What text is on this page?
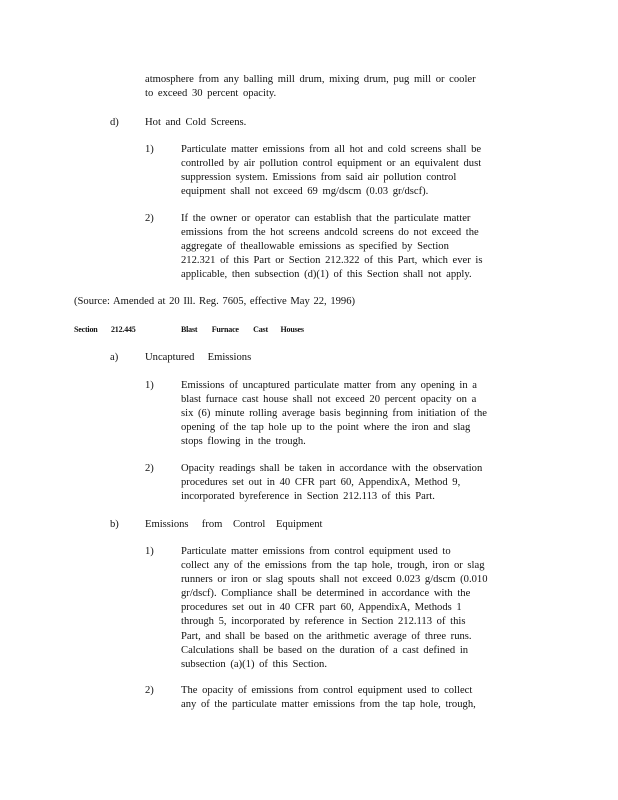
atmosphere from any balling mill drum, mixing drum, pug mill or cooler
to exceed 30 percent opacity.
d) Hot and Cold Screens.
1)	Particulate matter emissions from all hot and cold screens shall be
controlled by air pollution control equipment or an equivalent dust
suppression system. Emissions from said air pollution control
equipment shall not exceed 69 mg/dscm (0.03 gr/dscf).
2)	If the owner or operator can establish that the particulate matter
emissions from the hot screens andcold screens do not exceed the
aggregate of theallowable emissions as specified by Section
212.321 of this Part or Section 212.322 of this Part, which ever is
applicable, then subsection (d)(1) of this Section shall not apply.
(Source: Amended at 20 Ill. Reg. 7605, effective May 22, 1996)
Section 212.445	Blast        Furnace        Cast       Houses
a)	Uncaptured     Emissions
1)	Emissions of uncaptured particulate matter from any opening in a
blast furnace cast house shall not exceed 20 percent opacity on a
six (6) minute rolling average basis beginning from initiation of the
opening of the tap hole up to the point where the iron and slag
stops flowing in the trough.
2)	Opacity readings shall be taken in accordance with the observation
procedures set out in 40 CFR part 60, AppendixA, Method 9,
incorporated byreference in Section 212.113 of this Part.
b) Emissions     from    Control    Equipment
1)	Particulate matter emissions from control equipment used to
collect any of the emissions from the tap hole, trough, iron or slag
runners or iron or slag spouts shall not exceed 0.023 g/dscm (0.010
gr/dscf). Compliance shall be determined in accordance with the
procedures set out in 40 CFR part 60, AppendixA, Methods 1
through 5, incorporated by reference in Section 212.113 of this
Part, and shall be based on the arithmetic average of three runs.
Calculations shall be based on the duration of a cast defined in
subsection (a)(1) of this Section.
2)	The opacity of emissions from control equipment used to collect
any of the particulate matter emissions from the tap hole, trough,
